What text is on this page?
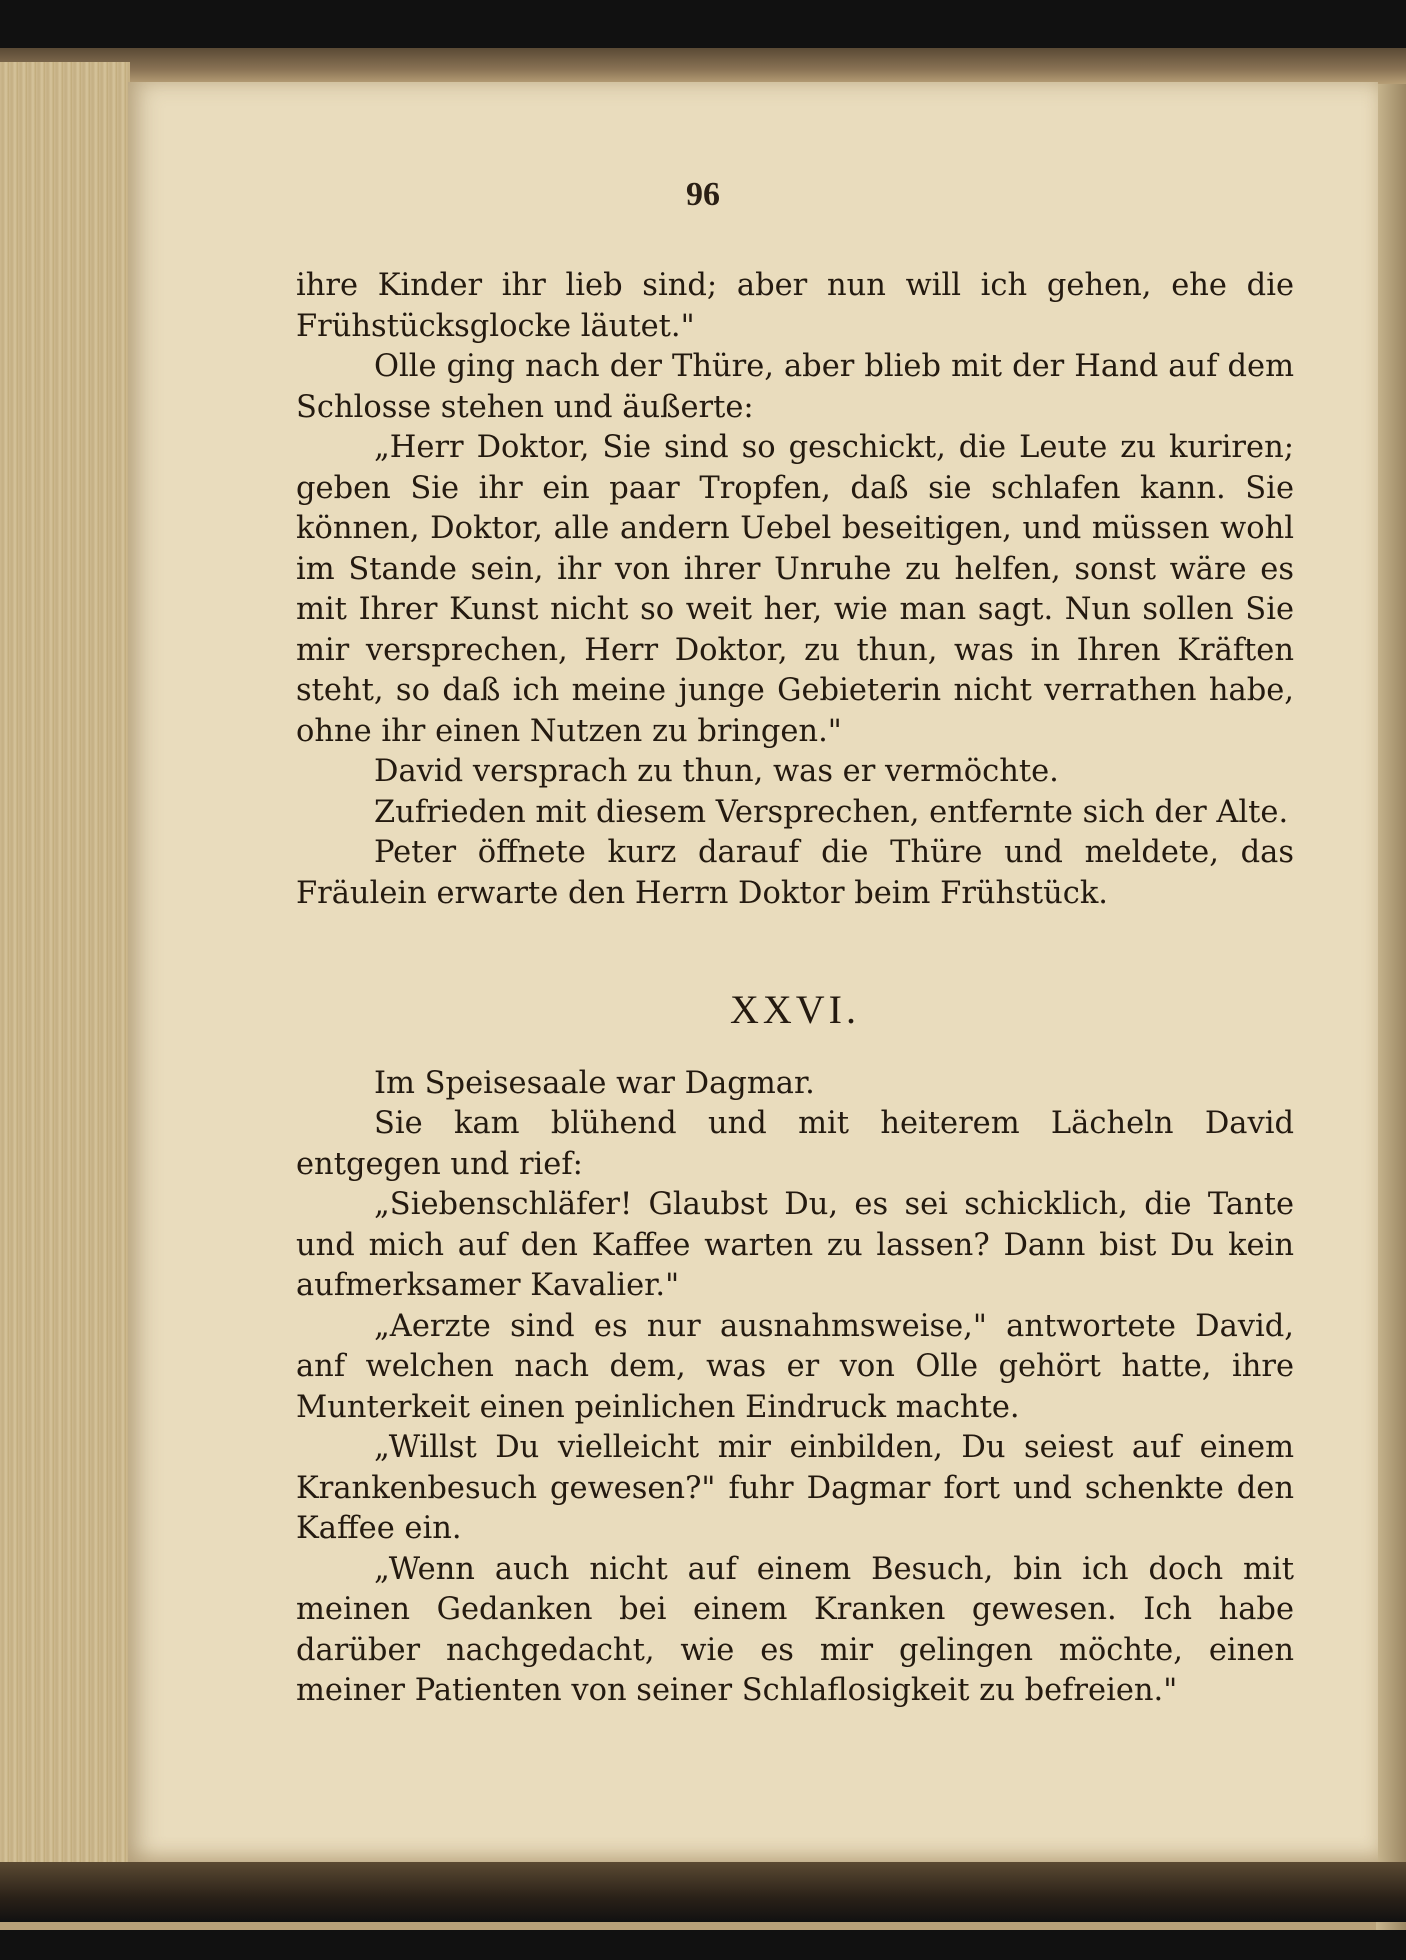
96

ihre Kinder ihr lieb sind; aber nun will ich gehen, ehe die Frühstücksglocke läutet."

Olle ging nach der Thüre, aber blieb mit der Hand auf dem Schlosse stehen und äußerte:

„Herr Doktor, Sie sind so geschickt, die Leute zu kuriren; geben Sie ihr ein paar Tropfen, daß sie schlafen kann. Sie können, Doktor, alle andern Uebel beseitigen, und müssen wohl im Stande sein, ihr von ihrer Unruhe zu helfen, sonst wäre es mit Ihrer Kunst nicht so weit her, wie man sagt. Nun sollen Sie mir versprechen, Herr Doktor, zu thun, was in Ihren Kräften steht, so daß ich meine junge Gebieterin nicht verrathen habe, ohne ihr einen Nutzen zu bringen."

David versprach zu thun, was er vermöchte.

Zufrieden mit diesem Versprechen, entfernte sich der Alte.

Peter öffnete kurz darauf die Thüre und meldete, das Fräulein erwarte den Herrn Doktor beim Frühstück.

XXVI.

Im Speisesaale war Dagmar.

Sie kam blühend und mit heiterem Lächeln David entgegen und rief:

„Siebenschläfer! Glaubst Du, es sei schicklich, die Tante und mich auf den Kaffee warten zu lassen? Dann bist Du kein aufmerksamer Kavalier."

„Aerzte sind es nur ausnahmsweise," antwortete David, anf welchen nach dem, was er von Olle gehört hatte, ihre Munterkeit einen peinlichen Eindruck machte.

„Willst Du vielleicht mir einbilden, Du seiest auf einem Krankenbesuch gewesen?" fuhr Dagmar fort und schenkte den Kaffee ein.

„Wenn auch nicht auf einem Besuch, bin ich doch mit meinen Gedanken bei einem Kranken gewesen. Ich habe darüber nachgedacht, wie es mir gelingen möchte, einen meiner Patienten von seiner Schlaflosigkeit zu befreien."
